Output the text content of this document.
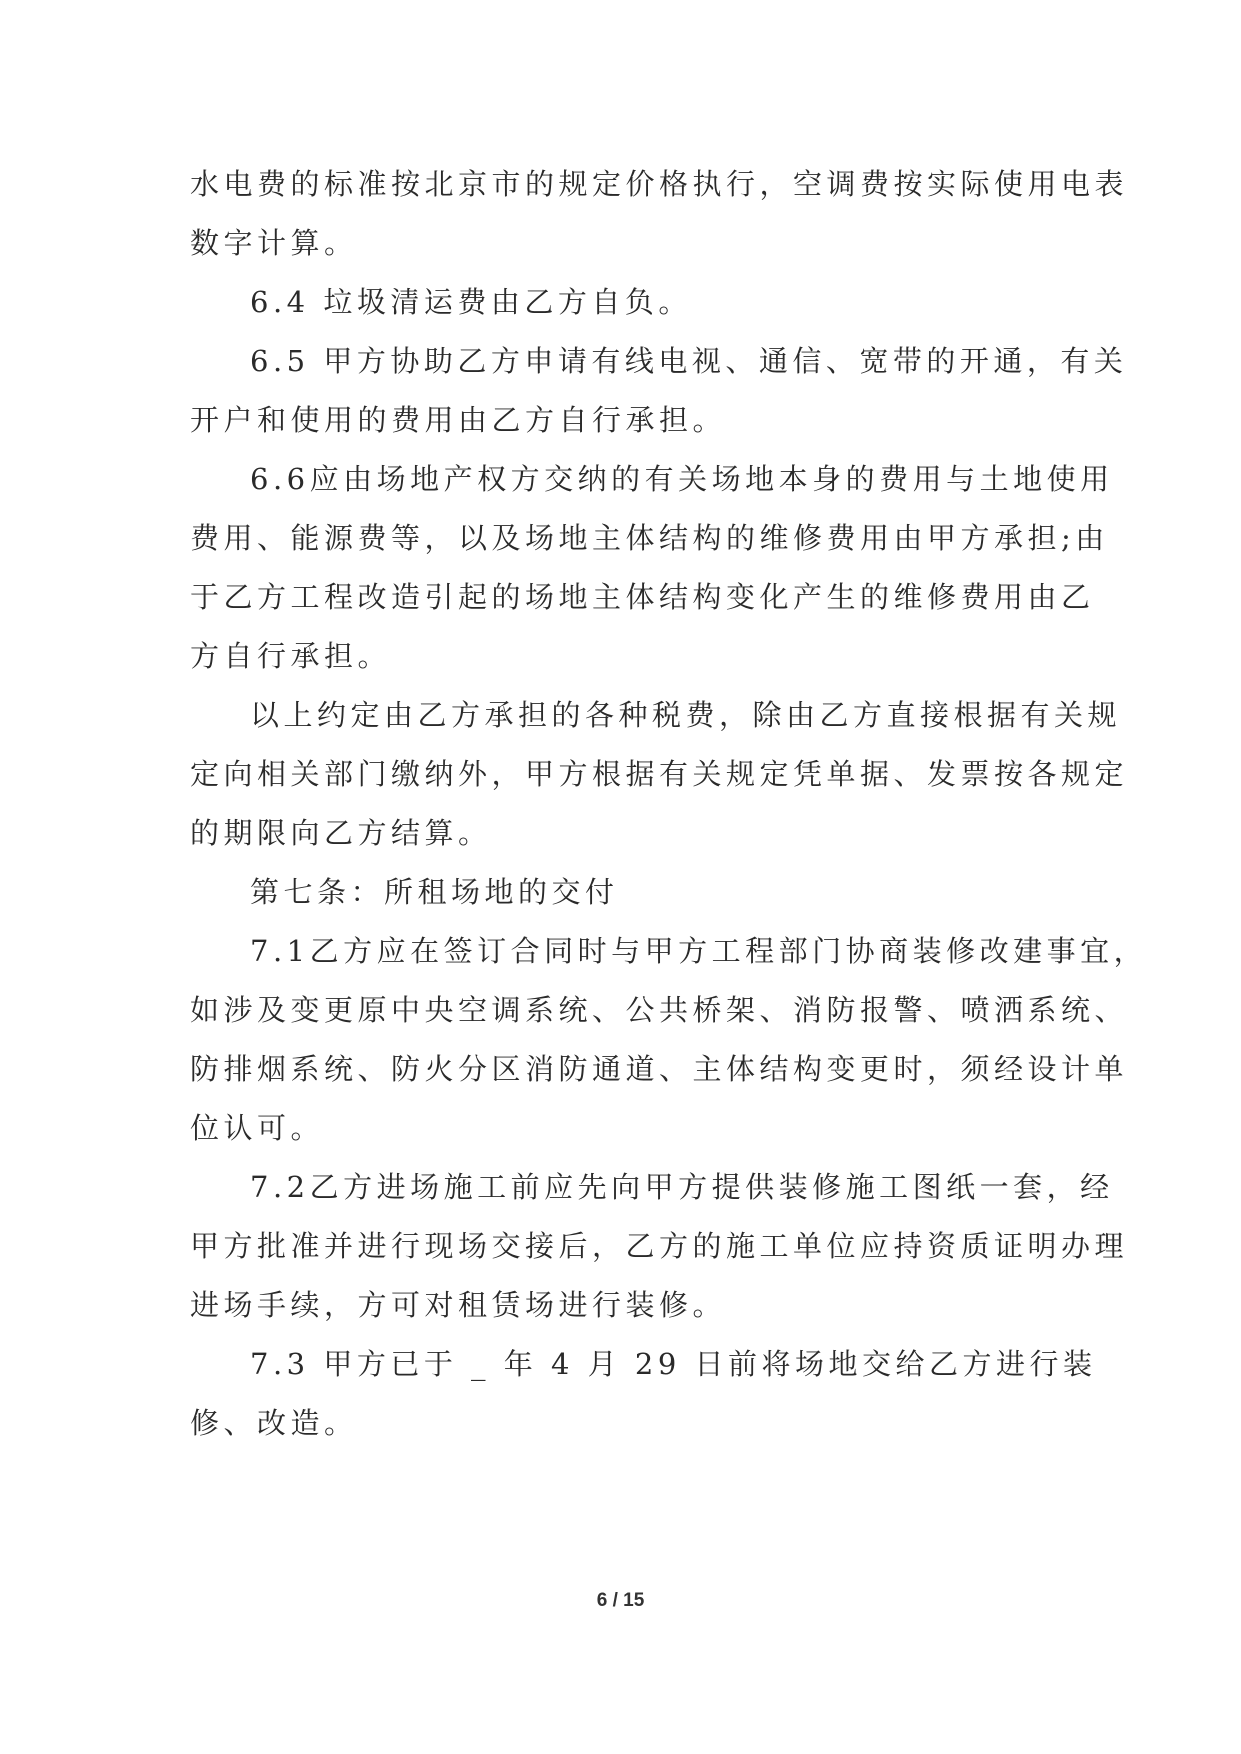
水电费的标准按北京市的规定价格执行，空调费按实际使用电表
数字计算。
6.4 垃圾清运费由乙方自负。
6.5 甲方协助乙方申请有线电视、通信、宽带的开通，有关
开户和使用的费用由乙方自行承担。
6.6应由场地产权方交纳的有关场地本身的费用与土地使用
费用、能源费等，以及场地主体结构的维修费用由甲方承担;由
于乙方工程改造引起的场地主体结构变化产生的维修费用由乙
方自行承担。
以上约定由乙方承担的各种税费，除由乙方直接根据有关规
定向相关部门缴纳外，甲方根据有关规定凭单据、发票按各规定
的期限向乙方结算。
第七条：所租场地的交付
7.1乙方应在签订合同时与甲方工程部门协商装修改建事宜，
如涉及变更原中央空调系统、公共桥架、消防报警、喷洒系统、
防排烟系统、防火分区消防通道、主体结构变更时，须经设计单
位认可。
7.2乙方进场施工前应先向甲方提供装修施工图纸一套，经
甲方批准并进行现场交接后，乙方的施工单位应持资质证明办理
进场手续，方可对租赁场进行装修。
7.3 甲方已于 _ 年 4 月 29 日前将场地交给乙方进行装
修、改造。
6 / 15
